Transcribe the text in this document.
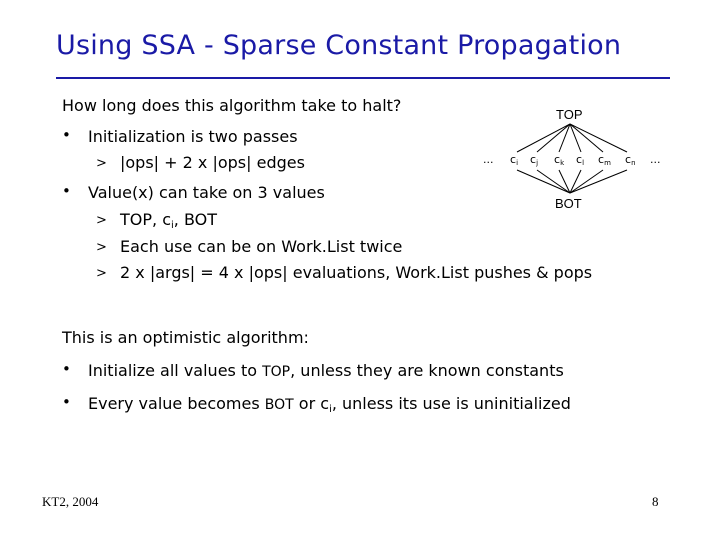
Using SSA - Sparse Constant Propagation
How long does this algorithm take to halt?
• Initialization is two passes
> |ops| + 2 x |ops| edges
• Value(x) can take on 3 values
> TOP, $c_i$, BOT
> Each use can be on Work.List twice
> 2 x |args| = 4 x |ops| evaluations, Work.List pushes & pops
TOP
BOT
...	...
ci cj ck cl cm cn
This is an optimistic algorithm:
• Initialize all values to TOP, unless they are known constants
• Every value becomes BOT or $c_i$, unless its use is uninitialized
KT2, 2004	8
